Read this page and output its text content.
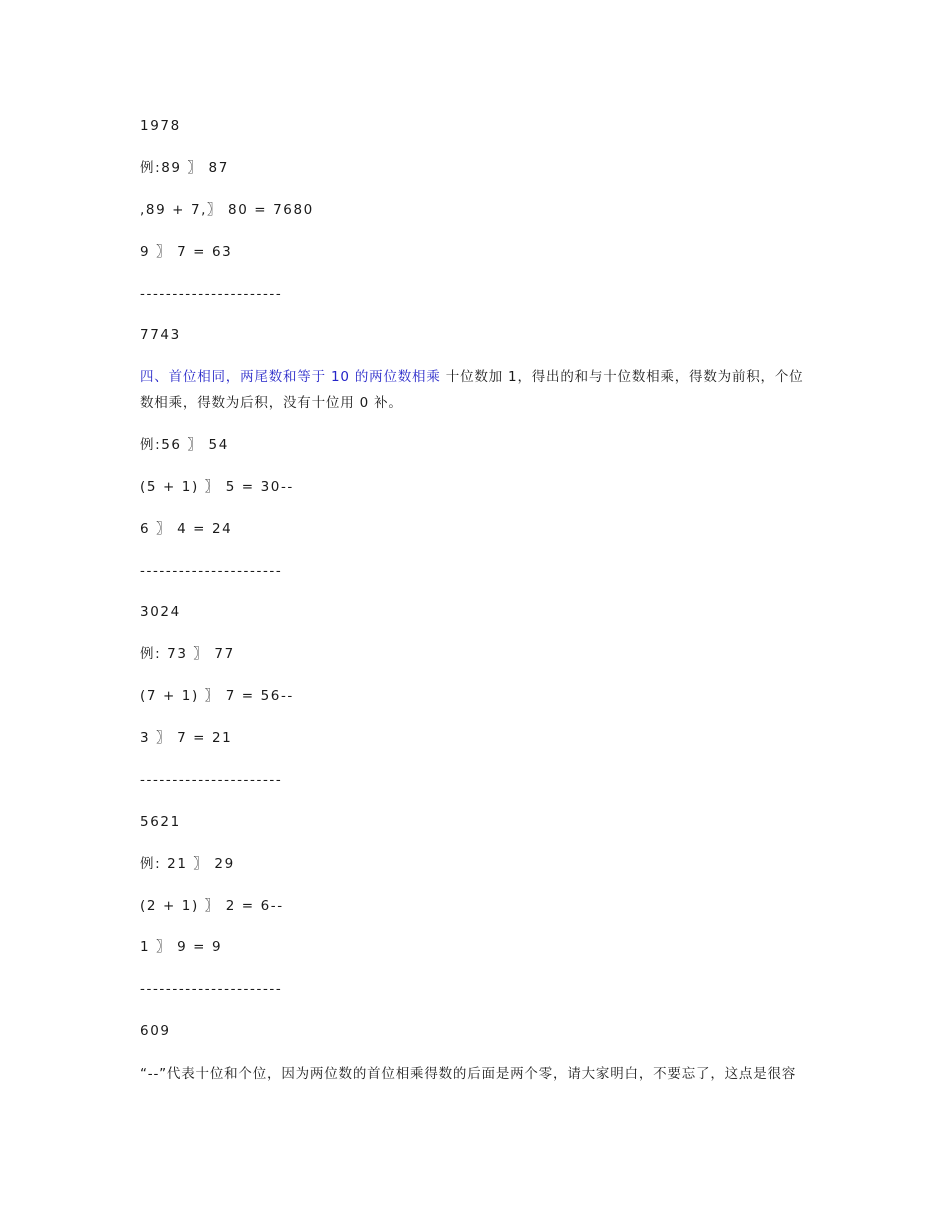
1978
例:89 〗 87
,89 + 7,〗 80 = 7680
9 〗 7 = 63
----------------------
7743
四、首位相同，两尾数和等于 10 的两位数相乘 十位数加 1，得出的和与十位数相乘，得数为前积，个位数相乘，得数为后积，没有十位用 0 补。
例:56 〗 54
(5 + 1) 〗 5 = 30--
6 〗 4 = 24
----------------------
3024
例: 73 〗 77
(7 + 1) 〗 7 = 56--
3 〗 7 = 21
----------------------
5621
例: 21 〗 29
(2 + 1) 〗 2 = 6--
1 〗 9 = 9
----------------------
609
“--”代表十位和个位，因为两位数的首位相乘得数的后面是两个零，请大家明白，不要忘了，这点是很容
